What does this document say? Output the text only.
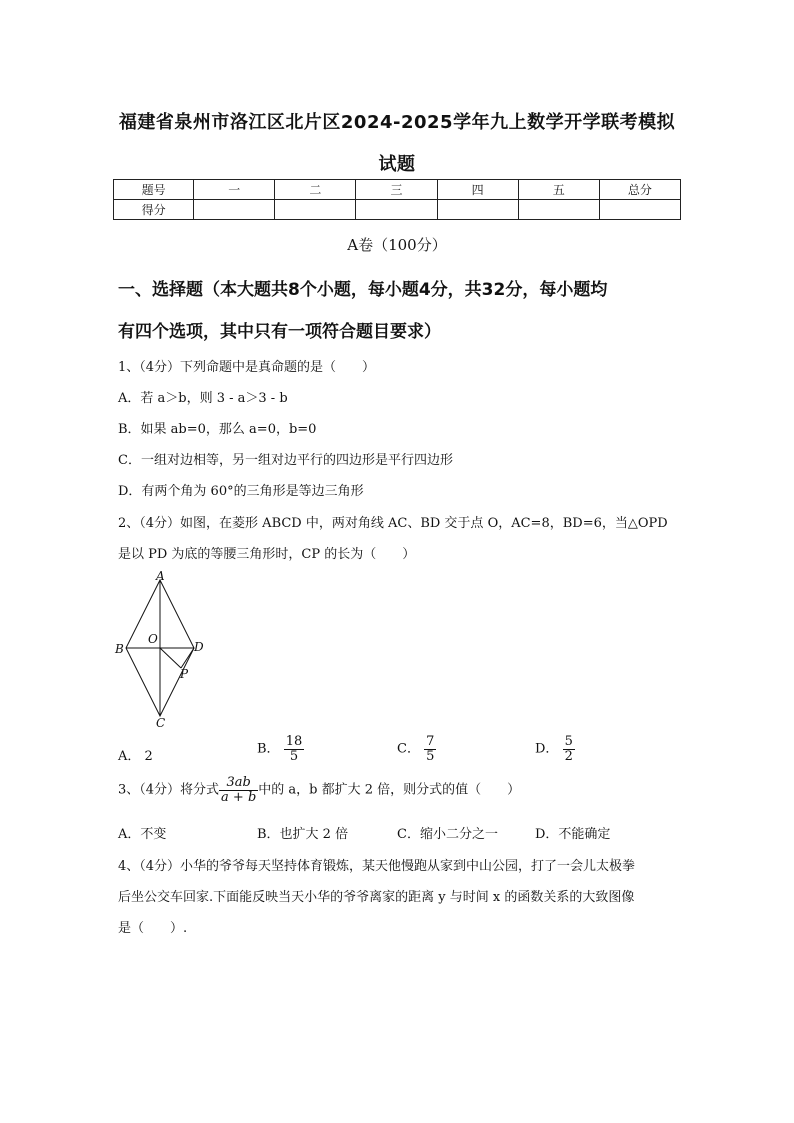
福建省泉州市洛江区北片区2024-2025学年九上数学开学联考模拟
试题
题号	一	二	三	四	五	总分
得分						
A卷（100分）
一、选择题（本大题共8个小题，每小题4分，共32分，每小题均
有四个选项，其中只有一项符合题目要求）
1、（4分）下列命题中是真命题的是（　　）
A．若 a＞b，则 3 - a＞3 - b
B．如果 ab=0，那么 a=0，b=0
C．一组对边相等，另一组对边平行的四边形是平行四边形
D．有两个角为 60°的三角形是等边三角形
2、（4分）如图，在菱形 ABCD 中，两对角线 AC、BD 交于点 O，AC=8，BD=6，当△OPD
是以 PD 为底的等腰三角形时，CP 的长为（　　）
A
B
C
D
O
P
A． 2	B． $\frac{18}{5}$	C． $\frac{7}{5}$	D． $\frac{5}{2}$
3、（4分）将分式 $\frac{3ab}{a + b}$ 中的 a，b 都扩大 2 倍，则分式的值（　　）
A．不变	B．也扩大 2 倍	C．缩小二分之一	D．不能确定
4、（4分）小华的爷爷每天坚持体育锻炼，某天他慢跑从家到中山公园，打了一会儿太极拳
后坐公交车回家.下面能反映当天小华的爷爷离家的距离 y 与时间 x 的函数关系的大致图像
是（　　）.
